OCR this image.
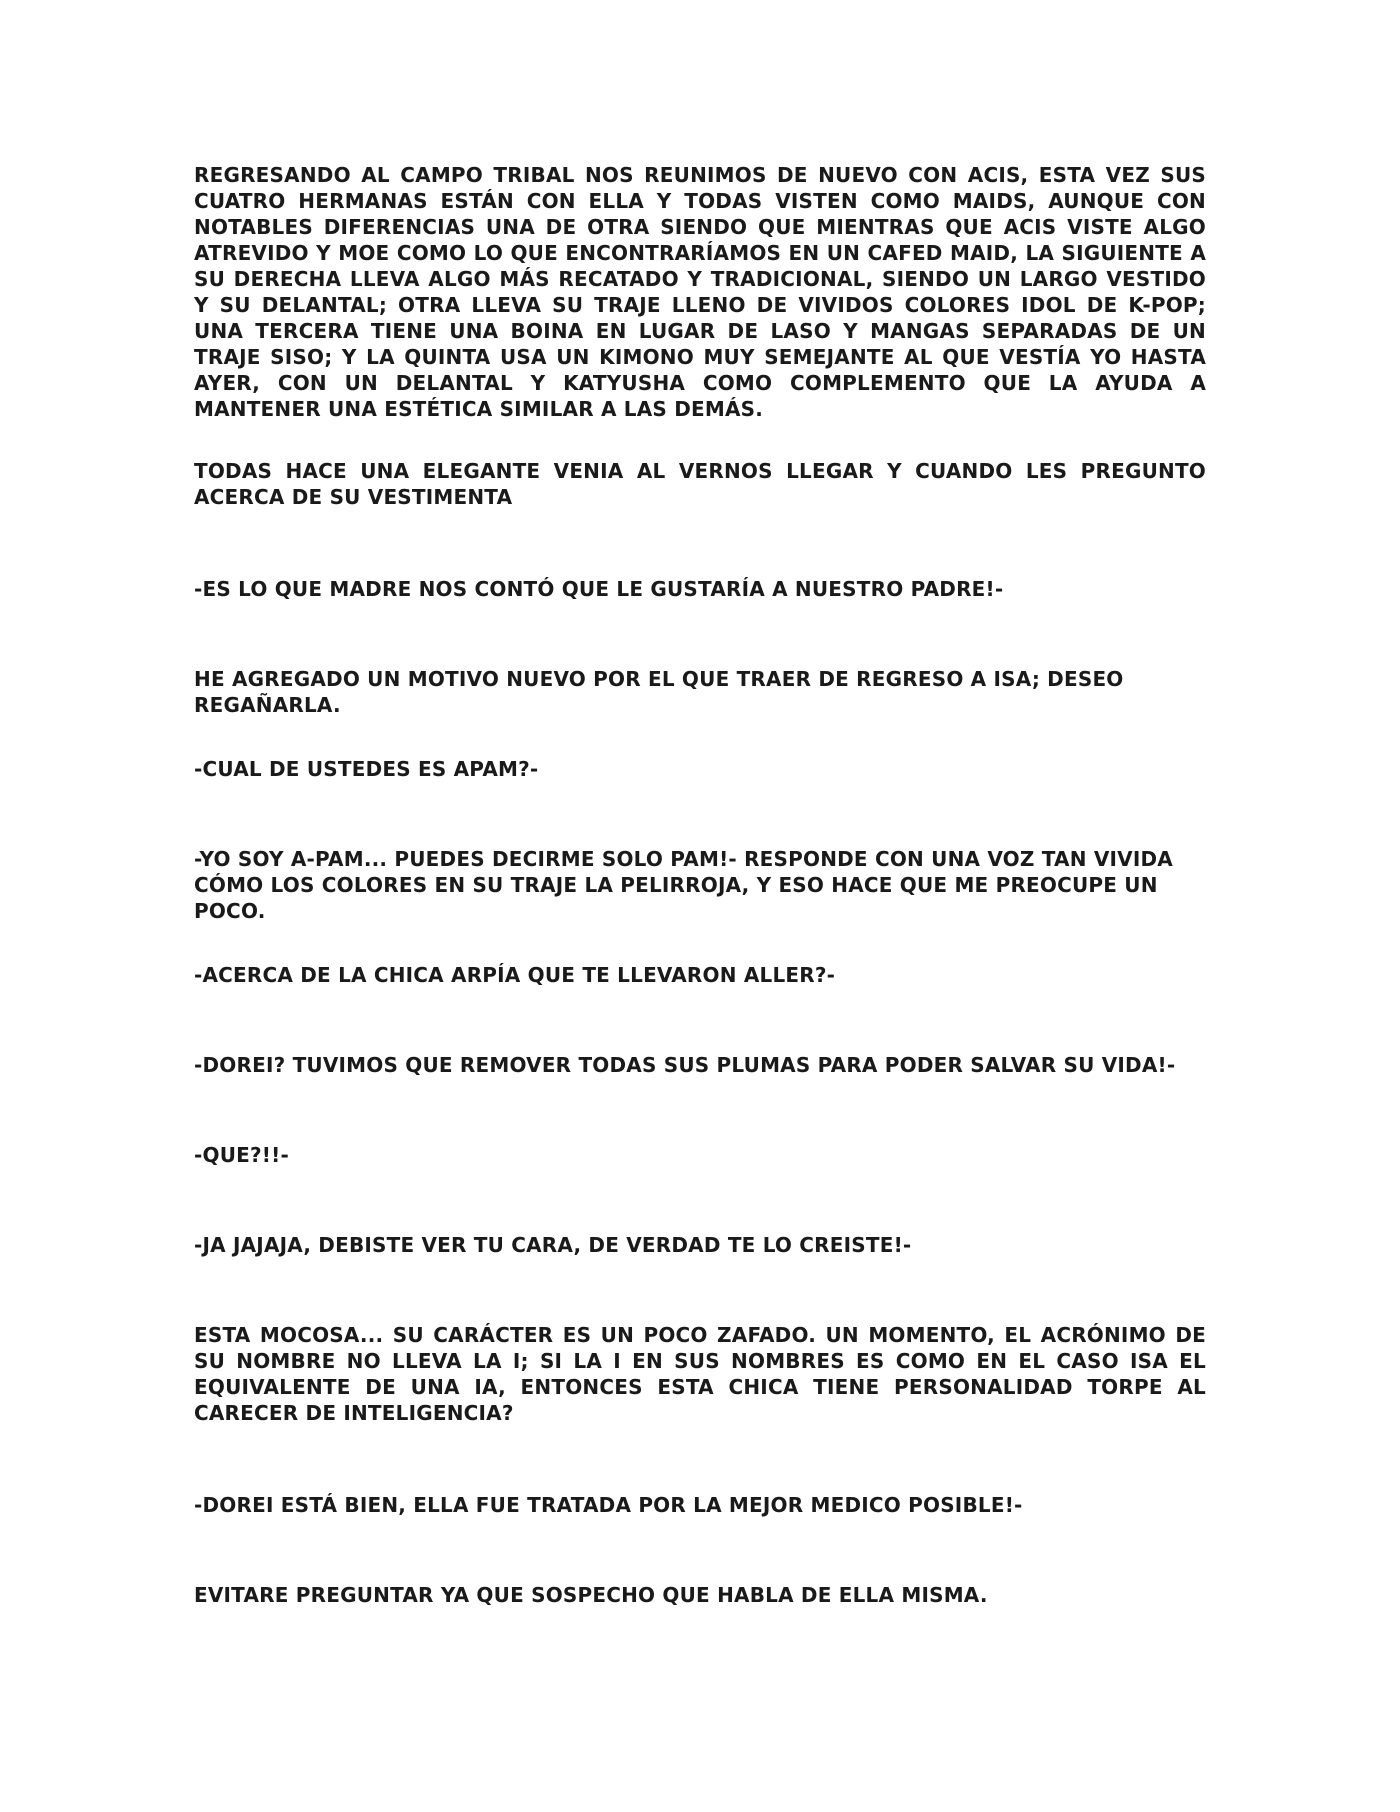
REGRESANDO AL CAMPO TRIBAL NOS REUNIMOS DE NUEVO CON ACIS, ESTA VEZ SUS CUATRO HERMANAS ESTÁN CON ELLA Y TODAS VISTEN COMO MAIDS, AUNQUE CON NOTABLES DIFERENCIAS UNA DE OTRA SIENDO QUE MIENTRAS QUE ACIS VISTE ALGO ATREVIDO Y MOE COMO LO QUE ENCONTRARÍAMOS EN UN CAFED MAID, LA SIGUIENTE A SU DERECHA LLEVA ALGO MÁS RECATADO Y TRADICIONAL, SIENDO UN LARGO VESTIDO Y SU DELANTAL; OTRA LLEVA SU TRAJE LLENO DE VIVIDOS COLORES IDOL DE K-POP; UNA TERCERA TIENE UNA BOINA EN LUGAR DE LASO Y MANGAS SEPARADAS DE UN TRAJE SISO; Y LA QUINTA USA UN KIMONO MUY SEMEJANTE AL QUE VESTÍA YO HASTA AYER, CON UN DELANTAL Y KATYUSHA COMO COMPLEMENTO QUE LA AYUDA A MANTENER UNA ESTÉTICA SIMILAR A LAS DEMÁS.

TODAS HACE UNA ELEGANTE VENIA AL VERNOS LLEGAR Y CUANDO LES PREGUNTO ACERCA DE SU VESTIMENTA

-ES LO QUE MADRE NOS CONTÓ QUE LE GUSTARÍA A NUESTRO PADRE!-

HE AGREGADO UN MOTIVO NUEVO POR EL QUE TRAER DE REGRESO A ISA; DESEO REGAÑARLA.

-CUAL DE USTEDES ES APAM?-

-YO SOY A-PAM... PUEDES DECIRME SOLO PAM!- RESPONDE CON UNA VOZ TAN VIVIDA CÓMO LOS COLORES EN SU TRAJE LA PELIRROJA, Y ESO HACE QUE ME PREOCUPE UN POCO.

-ACERCA DE LA CHICA ARPÍA QUE TE LLEVARON ALLER?-

-DOREI? TUVIMOS QUE REMOVER TODAS SUS PLUMAS PARA PODER SALVAR SU VIDA!-

-QUE?!!-

-JA JAJAJA, DEBISTE VER TU CARA, DE VERDAD TE LO CREISTE!-

ESTA MOCOSA... SU CARÁCTER ES UN POCO ZAFADO. UN MOMENTO, EL ACRÓNIMO DE SU NOMBRE NO LLEVA LA I; SI LA I EN SUS NOMBRES ES COMO EN EL CASO ISA EL EQUIVALENTE DE UNA IA, ENTONCES ESTA CHICA TIENE PERSONALIDAD TORPE AL CARECER DE INTELIGENCIA?

-DOREI ESTÁ BIEN, ELLA FUE TRATADA POR LA MEJOR MEDICO POSIBLE!-

EVITARE PREGUNTAR YA QUE SOSPECHO QUE HABLA DE ELLA MISMA.
